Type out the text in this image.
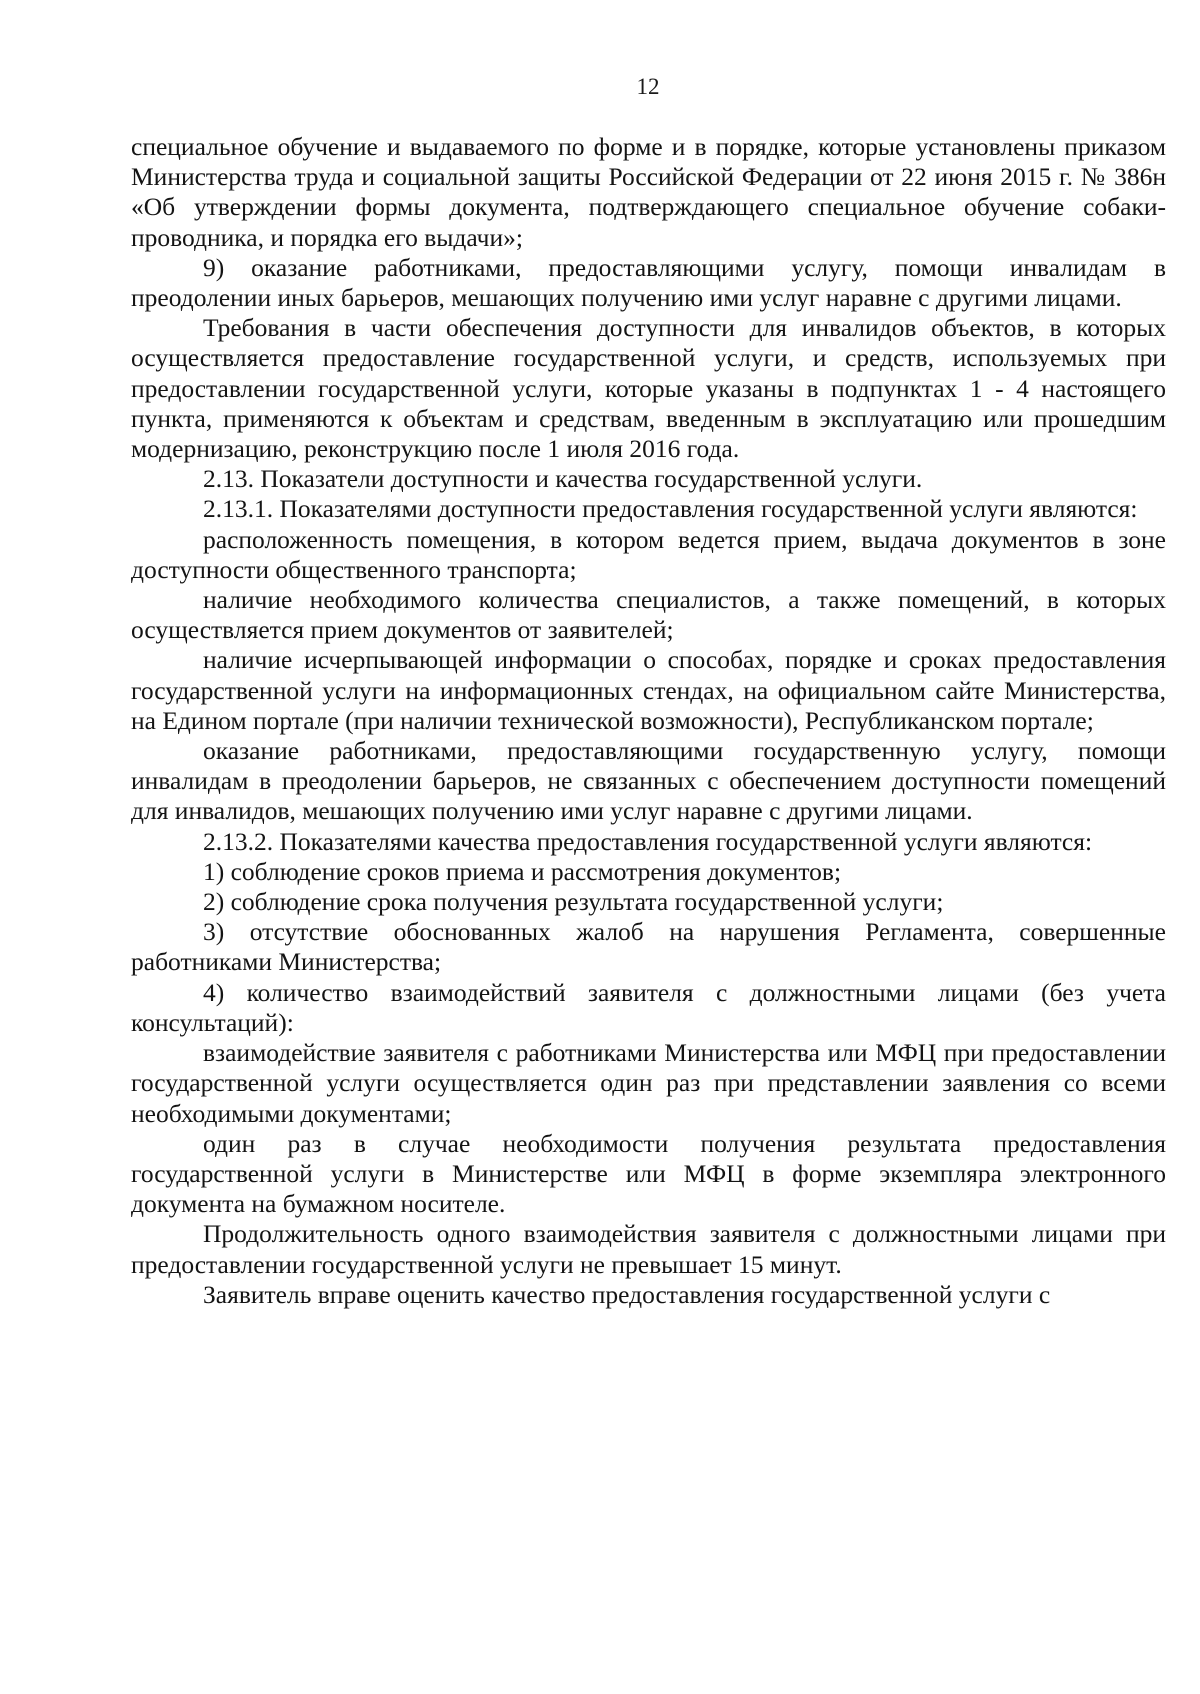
12

специальное обучение и выдаваемого по форме и в порядке, которые установлены приказом Министерства труда и социальной защиты Российской Федерации от 22 июня 2015 г. № 386н «Об утверждении формы документа, подтверждающего специальное обучение собаки-проводника, и порядка его выдачи»;

9) оказание работниками, предоставляющими услугу, помощи инвалидам в преодолении иных барьеров, мешающих получению ими услуг наравне с другими лицами.

Требования в части обеспечения доступности для инвалидов объектов, в которых осуществляется предоставление государственной услуги, и средств, используемых при предоставлении государственной услуги, которые указаны в подпунктах 1 - 4 настоящего пункта, применяются к объектам и средствам, введенным в эксплуатацию или прошедшим модернизацию, реконструкцию после 1 июля 2016 года.

2.13. Показатели доступности и качества государственной услуги.

2.13.1. Показателями доступности предоставления государственной услуги являются:

расположенность помещения, в котором ведется прием, выдача документов в зоне доступности общественного транспорта;

наличие необходимого количества специалистов, а также помещений, в которых осуществляется прием документов от заявителей;

наличие исчерпывающей информации о способах, порядке и сроках предоставления государственной услуги на информационных стендах, на официальном сайте Министерства, на Едином портале (при наличии технической возможности), Республиканском портале;

оказание работниками, предоставляющими государственную услугу, помощи инвалидам в преодолении барьеров, не связанных с обеспечением доступности помещений для инвалидов, мешающих получению ими услуг наравне с другими лицами.

2.13.2. Показателями качества предоставления государственной услуги являются:

1) соблюдение сроков приема и рассмотрения документов;

2) соблюдение срока получения результата государственной услуги;

3) отсутствие обоснованных жалоб на нарушения Регламента, совершенные работниками Министерства;

4) количество взаимодействий заявителя с должностными лицами (без учета консультаций):

взаимодействие заявителя с работниками Министерства или МФЦ при предоставлении государственной услуги осуществляется один раз при представлении заявления со всеми необходимыми документами;

один раз в случае необходимости получения результата предоставления государственной услуги в Министерстве или МФЦ в форме экземпляра электронного документа на бумажном носителе.

Продолжительность одного взаимодействия заявителя с должностными лицами при предоставлении государственной услуги не превышает 15 минут.

Заявитель вправе оценить качество предоставления государственной услуги с
